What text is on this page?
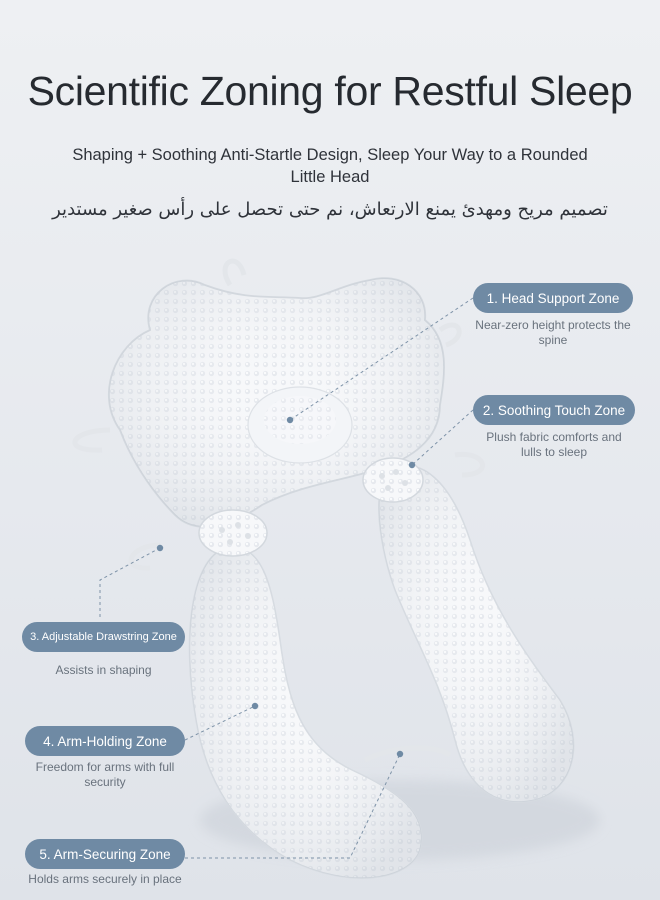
Scientific Zoning for Restful Sleep
Shaping + Soothing Anti-Startle Design, Sleep Your Way to a Rounded Little Head
تصميم مريح ومهدئ يمنع الارتعاش، نم حتى تحصل على رأس صغير مستدير
1. Head Support Zone
Near-zero height protects the spine
2. Soothing Touch Zone
Plush fabric comforts and lulls to sleep
3. Adjustable Drawstring Zone
Assists in shaping
4. Arm-Holding Zone
Freedom for arms with full security
5. Arm-Securing Zone
Holds arms securely in place
